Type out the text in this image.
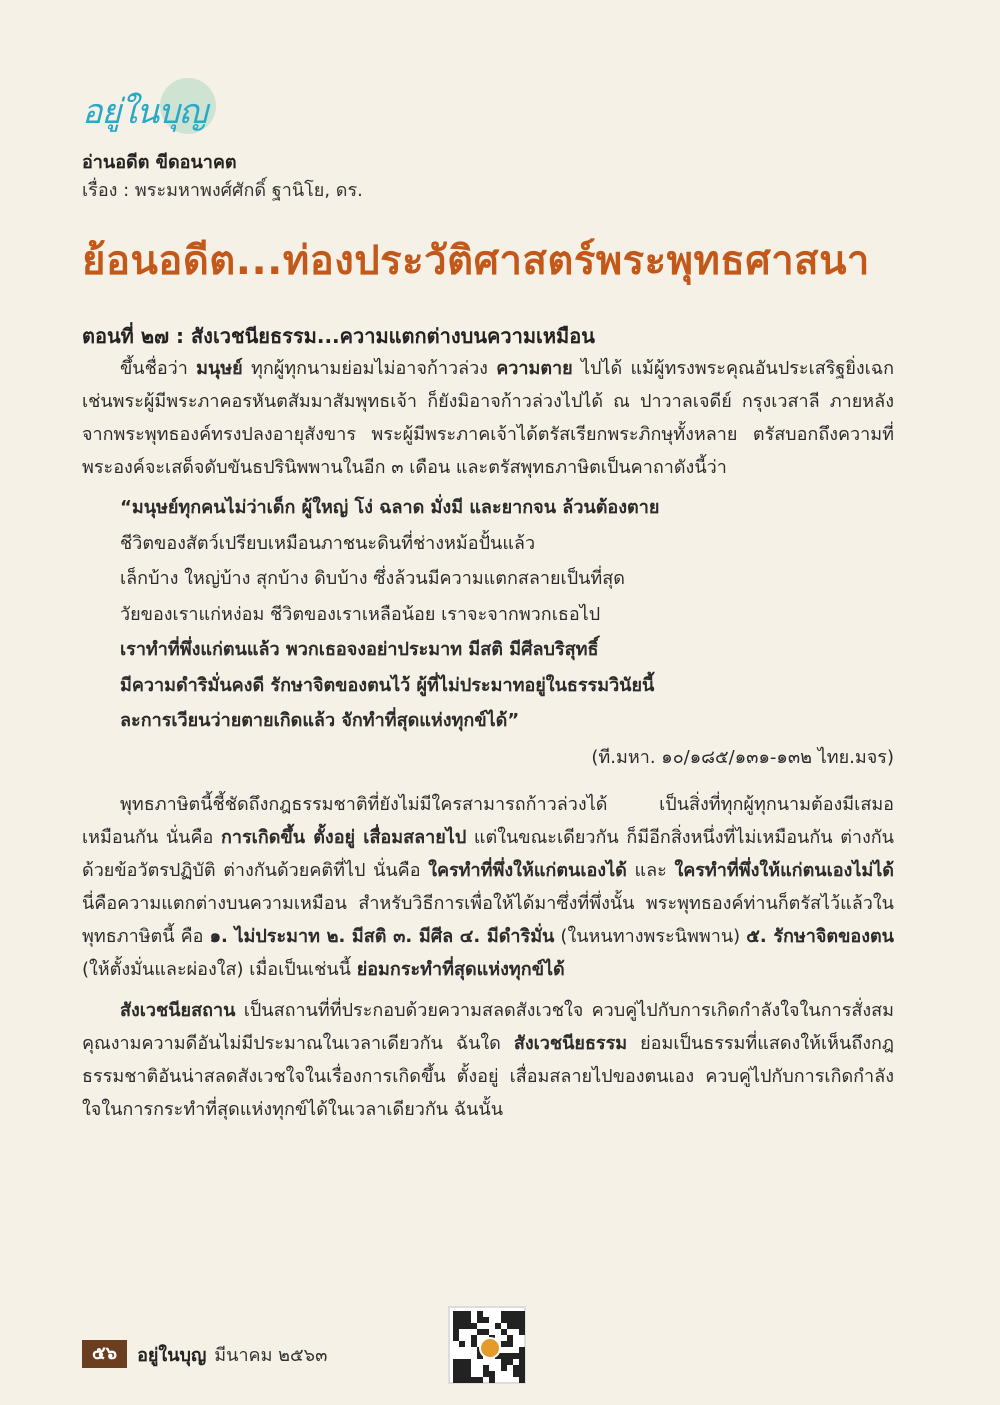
อยู่ในบุญ
อ่านอดีต ขีดอนาคต
เรื่อง : พระมหาพงศ์ศักดิ์ ฐานิโย, ดร.
ย้อนอดีต...ท่องประวัติศาสตร์พระพุทธศาสนา
ตอนที่ ๒๗ : สังเวชนียธรรม...ความแตกต่างบนความเหมือน

ขึ้นชื่อว่า มนุษย์ ทุกผู้ทุกนามย่อมไม่อาจก้าวล่วง ความตาย ไปได้ แม้ผู้ทรงพระคุณอันประเสริฐยิ่งเฉกเช่นพระผู้มีพระภาคอรหันตสัมมาสัมพุทธเจ้า ก็ยังมิอาจก้าวล่วงไปได้ ณ ปาวาลเจดีย์ กรุงเวสาลี ภายหลังจากพระพุทธองค์ทรงปลงอายุสังขาร พระผู้มีพระภาคเจ้าได้ตรัสเรียกพระภิกษุทั้งหลาย ตรัสบอกถึงความที่พระองค์จะเสด็จดับขันธปรินิพพานในอีก ๓ เดือน และตรัสพุทธภาษิตเป็นคาถาดังนี้ว่า

“มนุษย์ทุกคนไม่ว่าเด็ก ผู้ใหญ่ โง่ ฉลาด มั่งมี และยากจน ล้วนต้องตาย
ชีวิตของสัตว์เปรียบเหมือนภาชนะดินที่ช่างหม้อปั้นแล้ว
เล็กบ้าง ใหญ่บ้าง สุกบ้าง ดิบบ้าง ซึ่งล้วนมีความแตกสลายเป็นที่สุด
วัยของเราแก่หง่อม ชีวิตของเราเหลือน้อย เราจะจากพวกเธอไป
เราทำที่พึ่งแก่ตนแล้ว พวกเธอจงอย่าประมาท มีสติ มีศีลบริสุทธิ์
มีความดำริมั่นคงดี รักษาจิตของตนไว้ ผู้ที่ไม่ประมาทอยู่ในธรรมวินัยนี้
ละการเวียนว่ายตายเกิดแล้ว จักทำที่สุดแห่งทุกข์ได้”
(ที.มหา. ๑๐/๑๘๕/๑๓๑-๑๓๒ ไทย.มจร)

พุทธภาษิตนี้ชี้ชัดถึงกฎธรรมชาติที่ยังไม่มีใครสามารถก้าวล่วงได้ เป็นสิ่งที่ทุกผู้ทุกนามต้องมีเสมอเหมือนกัน นั่นคือ การเกิดขึ้น ตั้งอยู่ เสื่อมสลายไป แต่ในขณะเดียวกัน ก็มีอีกสิ่งหนึ่งที่ไม่เหมือนกัน ต่างกันด้วยข้อวัตรปฏิบัติ ต่างกันด้วยคติที่ไป นั่นคือ ใครทำที่พึ่งให้แก่ตนเองได้ และ ใครทำที่พึ่งให้แก่ตนเองไม่ได้ นี่คือความแตกต่างบนความเหมือน สำหรับวิธีการเพื่อให้ได้มาซึ่งที่พึ่งนั้น พระพุทธองค์ท่านก็ตรัสไว้แล้วในพุทธภาษิตนี้ คือ ๑. ไม่ประมาท ๒. มีสติ ๓. มีศีล ๔. มีดำริมั่น (ในหนทางพระนิพพาน) ๕. รักษาจิตของตน (ให้ตั้งมั่นและผ่องใส) เมื่อเป็นเช่นนี้ ย่อมกระทำที่สุดแห่งทุกข์ได้

สังเวชนียสถาน เป็นสถานที่ที่ประกอบด้วยความสลดสังเวชใจ ควบคู่ไปกับการเกิดกำลังใจในการสั่งสมคุณงามความดีอันไม่มีประมาณในเวลาเดียวกัน ฉันใด สังเวชนียธรรม ย่อมเป็นธรรมที่แสดงให้เห็นถึงกฎธรรมชาติอันน่าสลดสังเวชใจในเรื่องการเกิดขึ้น ตั้งอยู่ เสื่อมสลายไปของตนเอง ควบคู่ไปกับการเกิดกำลังใจในการกระทำที่สุดแห่งทุกข์ได้ในเวลาเดียวกัน ฉันนั้น

๕๖	อยู่ในบุญ มีนาคม ๒๕๖๓
